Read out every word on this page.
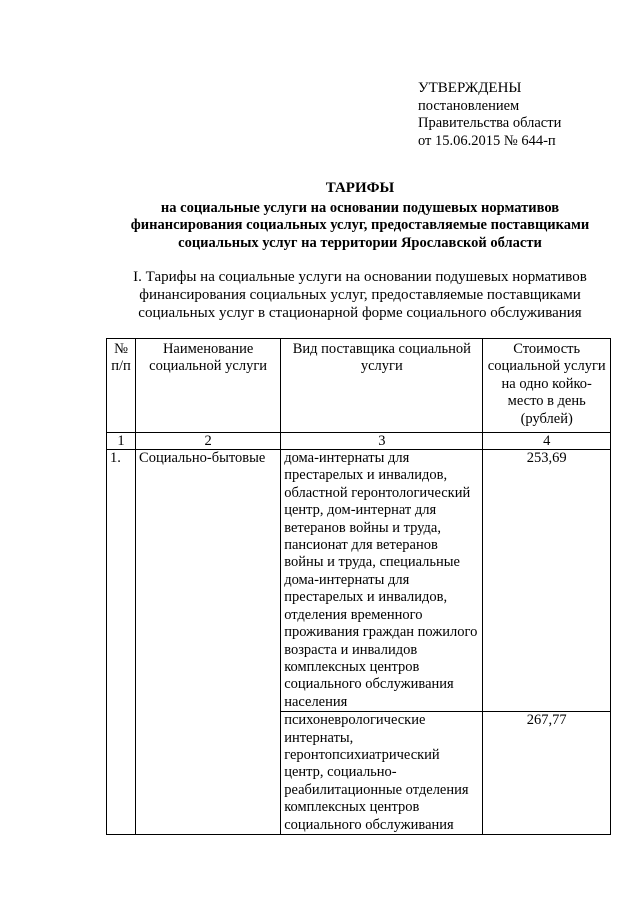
УТВЕРЖДЕНЫ
постановлением
Правительства области
от 15.06.2015 № 644-п
ТАРИФЫ
на социальные услуги на основании подушевых нормативов
финансирования социальных услуг, предоставляемые поставщиками
социальных услуг на территории Ярославской области
I. Тарифы на социальные услуги на основании подушевых нормативов
финансирования социальных услуг, предоставляемые поставщиками
социальных услуг в стационарной форме социального обслуживания
№ п/п	Наименование социальной услуги	Вид поставщика социальной услуги	Стоимость социальной услуги на одно койко-место в день (рублей)
1	2	3	4
1.	Социально-бытовые	дома-интернаты для престарелых и инвалидов, областной геронтологический центр, дом-интернат для ветеранов войны и труда, пансионат для ветеранов войны и труда, специальные дома-интернаты для престарелых и инвалидов, отделения временного проживания граждан пожилого возраста и инвалидов комплексных центров социального обслуживания населения	253,69
		психоневрологические интернаты, геронтопсихиатрический центр, социально-реабилитационные отделения комплексных центров социального обслуживания	267,77
